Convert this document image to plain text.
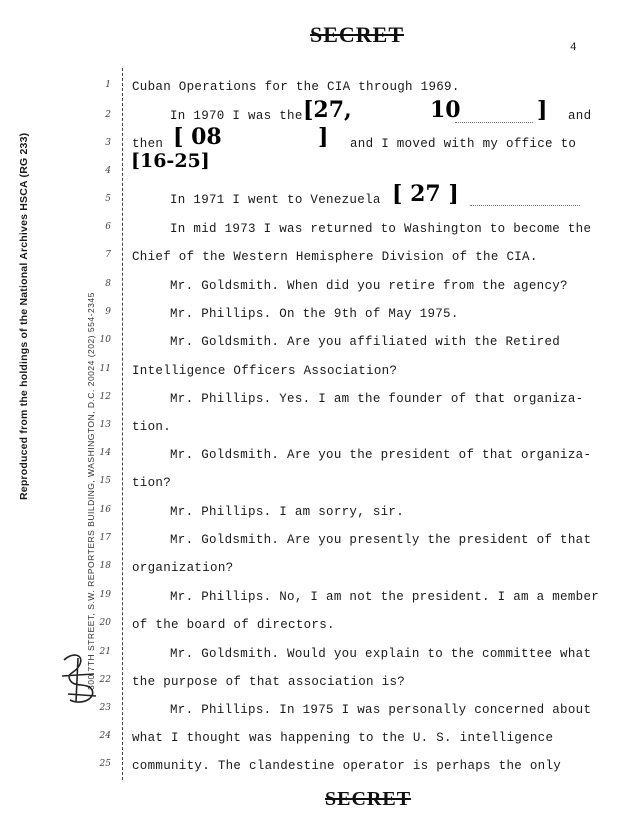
SECRET
4
Reproduced from the holdings of the National Archives HSCA (RG 233)	300 7TH STREET, S.W. REPORTERS BUILDING, WASHINGTON, D.C. 20024 (202) 554-2345
1
2
3
4
5
6
7
8
9
10
11
12
13
14
15
16
17
18
19
20
21
22
23
24
25
Cuban Operations for the CIA through 1969.
In 1970 I was the [27,	10	] and
then [ 08	] and I moved with my office to
[16-25]
In 1971 I went to Venezuela [ 27 ]
In mid 1973 I was returned to Washington to become the
Chief of the Western Hemisphere Division of the CIA.
Mr. Goldsmith. When did you retire from the agency?
Mr. Phillips. On the 9th of May 1975.
Mr. Goldsmith. Are you affiliated with the Retired
Intelligence Officers Association?
Mr. Phillips. Yes. I am the founder of that organiza-
tion.
Mr. Goldsmith. Are you the president of that organiza-
tion?
Mr. Phillips. I am sorry, sir.
Mr. Goldsmith. Are you presently the president of that
organization?
Mr. Phillips. No, I am not the president. I am a member
of the board of directors.
Mr. Goldsmith. Would you explain to the committee what
the purpose of that association is?
Mr. Phillips. In 1975 I was personally concerned about
what I thought was happening to the U. S. intelligence
community. The clandestine operator is perhaps the only
SECRET
